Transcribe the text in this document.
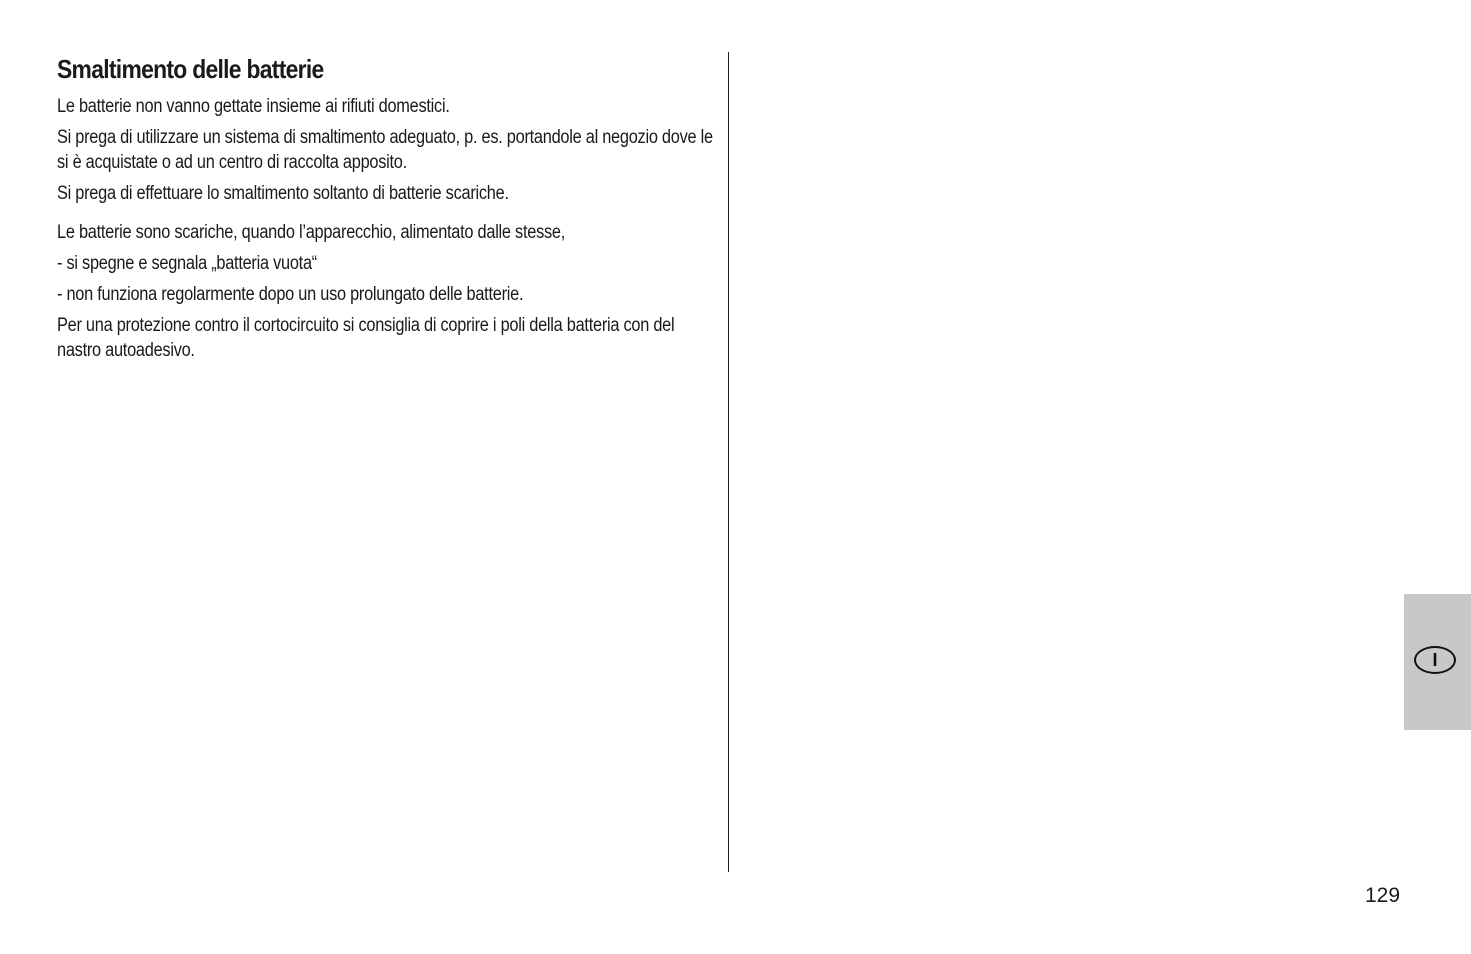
Smaltimento delle batterie

Le batterie non vanno gettate insieme ai rifiuti domestici.

Si prega di utilizzare un sistema di smaltimento adeguato, p. es. portandole al negozio dove le si è acquistate o ad un centro di raccolta apposito.

Si prega di effettuare lo smaltimento soltanto di batterie scariche.

Le batterie sono scariche, quando l’apparecchio, alimentato dalle stesse,

- si spegne e segnala „batteria vuota“

- non funziona regolarmente dopo un uso prolungato delle batterie.

Per una protezione contro il cortocircuito si consiglia di coprire i poli della batteria con del nastro autoadesivo.

I
129
